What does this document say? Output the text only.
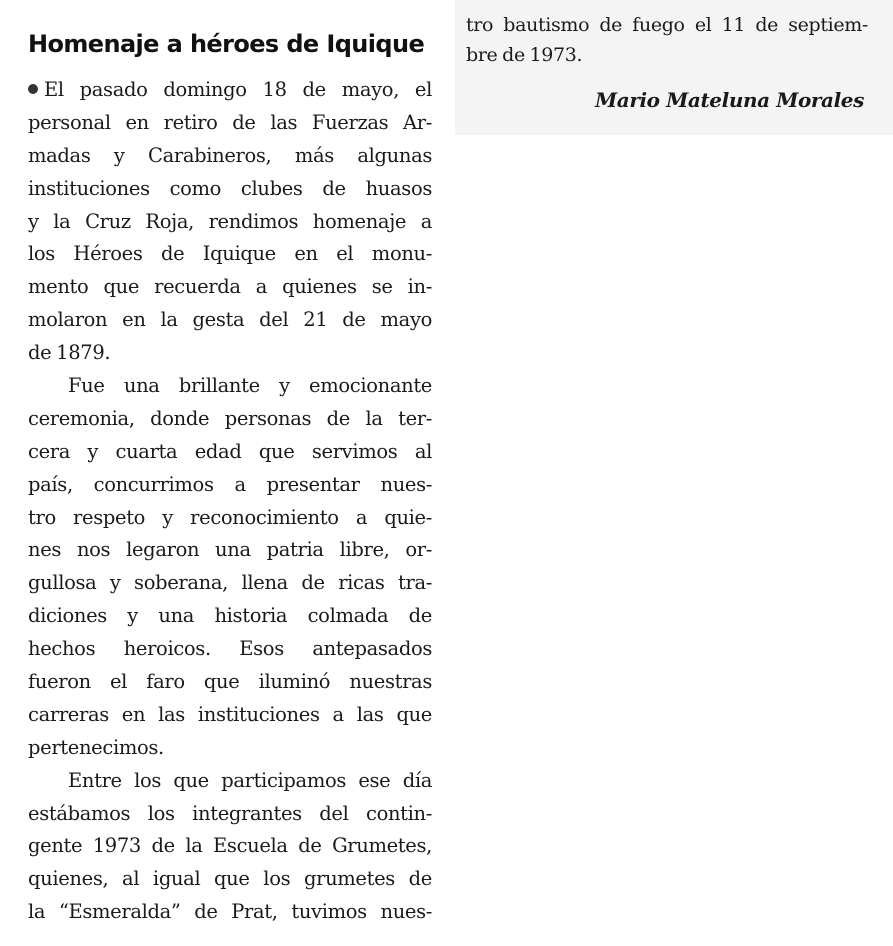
Homenaje a héroes de Iquique
El pasado domingo 18 de mayo, el
personal en retiro de las Fuerzas Ar-
madas y Carabineros, más algunas
instituciones como clubes de huasos
y la Cruz Roja, rendimos homenaje a
los Héroes de Iquique en el monu-
mento que recuerda a quienes se in-
molaron en la gesta del 21 de mayo
de 1879.
Fue una brillante y emocionante
ceremonia, donde personas de la ter-
cera y cuarta edad que servimos al
país, concurrimos a presentar nues-
tro respeto y reconocimiento a quie-
nes nos legaron una patria libre, or-
gullosa y soberana, llena de ricas tra-
diciones y una historia colmada de
hechos heroicos. Esos antepasados
fueron el faro que iluminó nuestras
carreras en las instituciones a las que
pertenecimos.
Entre los que participamos ese día
estábamos los integrantes del contin-
gente 1973 de la Escuela de Grumetes,
quienes, al igual que los grumetes de
la “Esmeralda” de Prat, tuvimos nues-
tro bautismo de fuego el 11 de septiem-
bre de 1973.
Mario Mateluna Morales
